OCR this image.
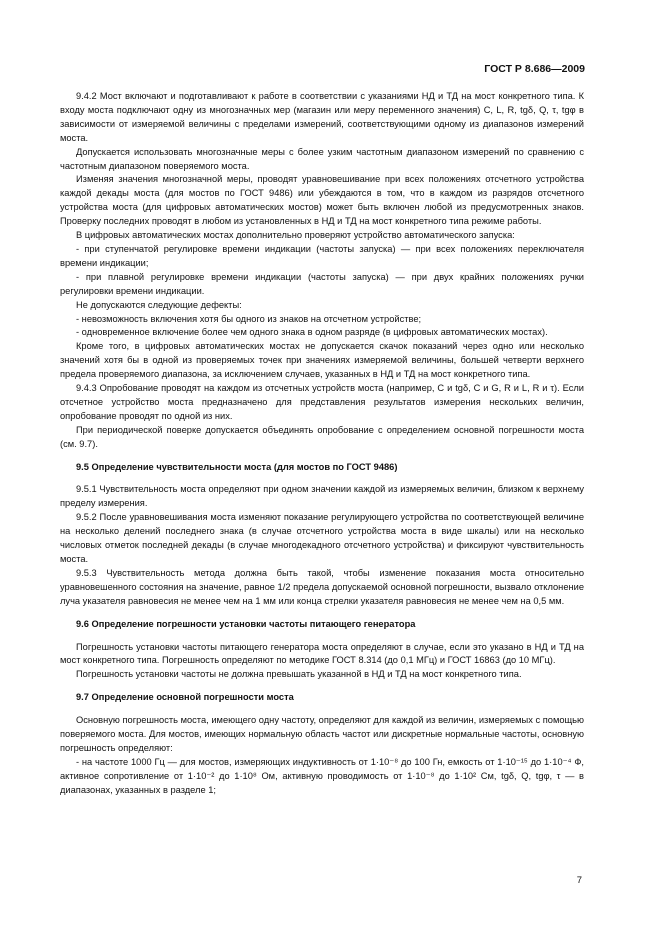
ГОСТ Р 8.686—2009

9.4.2 Мост включают и подготавливают к работе в соответствии с указаниями НД и ТД на мост конкретного типа. К входу моста подключают одну из многозначных мер (магазин или меру переменного значения) C, L, R, tgδ, Q, τ, tgφ в зависимости от измеряемой величины с пределами измерений, соответствующими одному из диапазонов измерений моста.

Допускается использовать многозначные меры с более узким частотным диапазоном измерений по сравнению с частотным диапазоном поверяемого моста.

Изменяя значения многозначной меры, проводят уравновешивание при всех положениях отсчетного устройства каждой декады моста (для мостов по ГОСТ 9486) или убеждаются в том, что в каждом из разрядов отсчетного устройства моста (для цифровых автоматических мостов) может быть включен любой из предусмотренных знаков. Проверку последних проводят в любом из установленных в НД и ТД на мост конкретного типа режиме работы.

В цифровых автоматических мостах дополнительно проверяют устройство автоматического запуска:

- при ступенчатой регулировке времени индикации (частоты запуска) — при всех положениях переключателя времени индикации;

- при плавной регулировке времени индикации (частоты запуска) — при двух крайних положениях ручки регулировки времени индикации.

Не допускаются следующие дефекты:

- невозможность включения хотя бы одного из знаков на отсчетном устройстве;

- одновременное включение более чем одного знака в одном разряде (в цифровых автоматических мостах).

Кроме того, в цифровых автоматических мостах не допускается скачок показаний через одно или несколько значений хотя бы в одной из проверяемых точек при значениях измеряемой величины, большей четверти верхнего предела проверяемого диапазона, за исключением случаев, указанных в НД и ТД на мост конкретного типа.

9.4.3 Опробование проводят на каждом из отсчетных устройств моста (например, C и tgδ, C и G, R и L, R и τ). Если отсчетное устройство моста предназначено для представления результатов измерения нескольких величин, опробование проводят по одной из них.

При периодической поверке допускается объединять опробование с определением основной погрешности моста (см. 9.7).

9.5 Определение чувствительности моста (для мостов по ГОСТ 9486)

9.5.1 Чувствительность моста определяют при одном значении каждой из измеряемых величин, близком к верхнему пределу измерения.

9.5.2 После уравновешивания моста изменяют показание регулирующего устройства по соответствующей величине на несколько делений последнего знака (в случае отсчетного устройства моста в виде шкалы) или на несколько числовых отметок последней декады (в случае многодекадного отсчетного устройства) и фиксируют чувствительность моста.

9.5.3 Чувствительность метода должна быть такой, чтобы изменение показания моста относительно уравновешенного состояния на значение, равное 1/2 предела допускаемой основной погрешности, вызвало отклонение луча указателя равновесия не менее чем на 1 мм или конца стрелки указателя равновесия не менее чем на 0,5 мм.

9.6 Определение погрешности установки частоты питающего генератора

Погрешность установки частоты питающего генератора моста определяют в случае, если это указано в НД и ТД на мост конкретного типа. Погрешность определяют по методике ГОСТ 8.314 (до 0,1 МГц) и ГОСТ 16863 (до 10 МГц).

Погрешность установки частоты не должна превышать указанной в НД и ТД на мост конкретного типа.

9.7 Определение основной погрешности моста

Основную погрешность моста, имеющего одну частоту, определяют для каждой из величин, измеряемых с помощью поверяемого моста. Для мостов, имеющих нормальную область частот или дискретные нормальные частоты, основную погрешность определяют:

- на частоте 1000 Гц — для мостов, измеряющих индуктивность от 1·10⁻⁸ до 100 Гн, емкость от 1·10⁻¹⁵ до 1·10⁻⁴ Ф, активное сопротивление от 1·10⁻² до 1·10⁸ Ом, активную проводимость от 1·10⁻⁸ до 1·10² См, tgδ, Q, tgφ, τ — в диапазонах, указанных в разделе 1;

7
